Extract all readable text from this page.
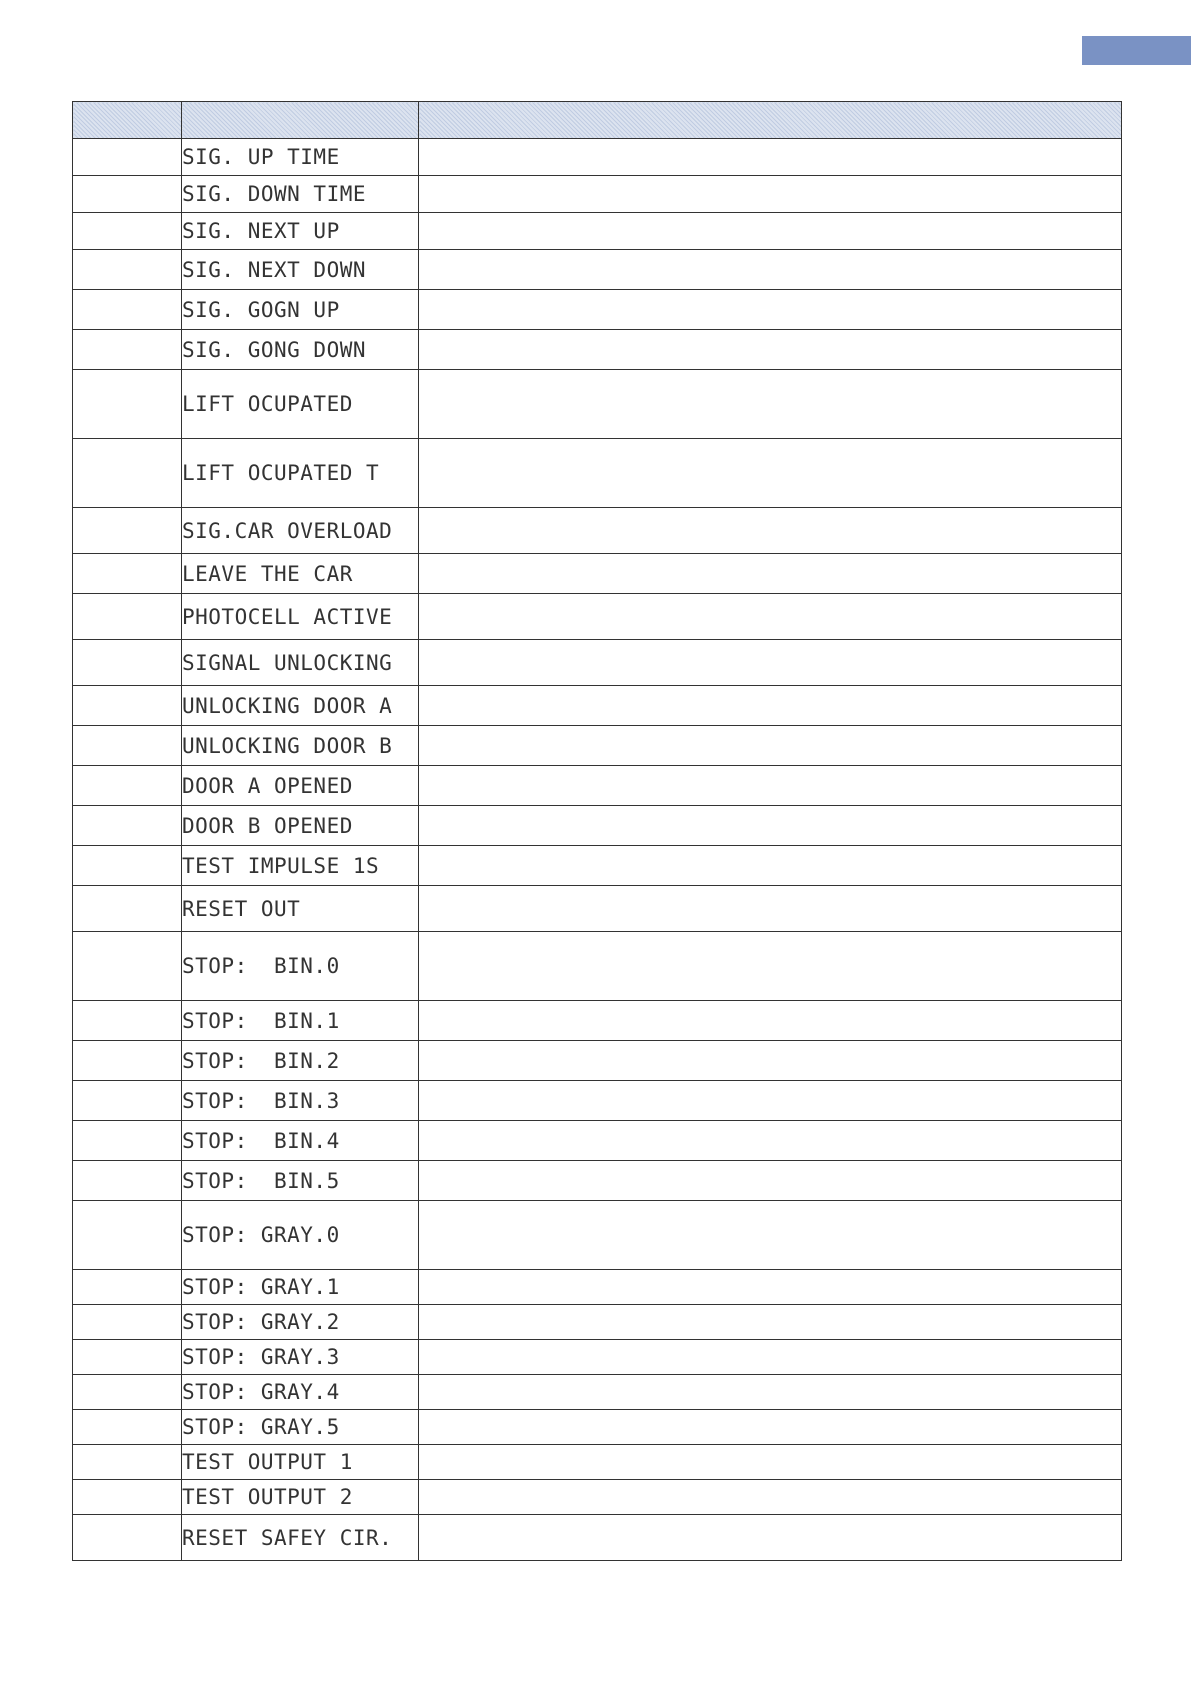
	SIG. UP TIME	
	SIG. DOWN TIME	
	SIG. NEXT UP	
	SIG. NEXT DOWN	
	SIG. GOGN UP	
	SIG. GONG DOWN	
	LIFT OCUPATED	
	LIFT OCUPATED T	
	SIG.CAR OVERLOAD	
	LEAVE THE CAR	
	PHOTOCELL ACTIVE	
	SIGNAL UNLOCKING	
	UNLOCKING DOOR A	
	UNLOCKING DOOR B	
	DOOR A OPENED	
	DOOR B OPENED	
	TEST IMPULSE 1S	
	RESET OUT	
	STOP:  BIN.0	
	STOP:  BIN.1	
	STOP:  BIN.2	
	STOP:  BIN.3	
	STOP:  BIN.4	
	STOP:  BIN.5	
	STOP: GRAY.0	
	STOP: GRAY.1	
	STOP: GRAY.2	
	STOP: GRAY.3	
	STOP: GRAY.4	
	STOP: GRAY.5	
	TEST OUTPUT 1	
	TEST OUTPUT 2	
	RESET SAFEY CIR.	
